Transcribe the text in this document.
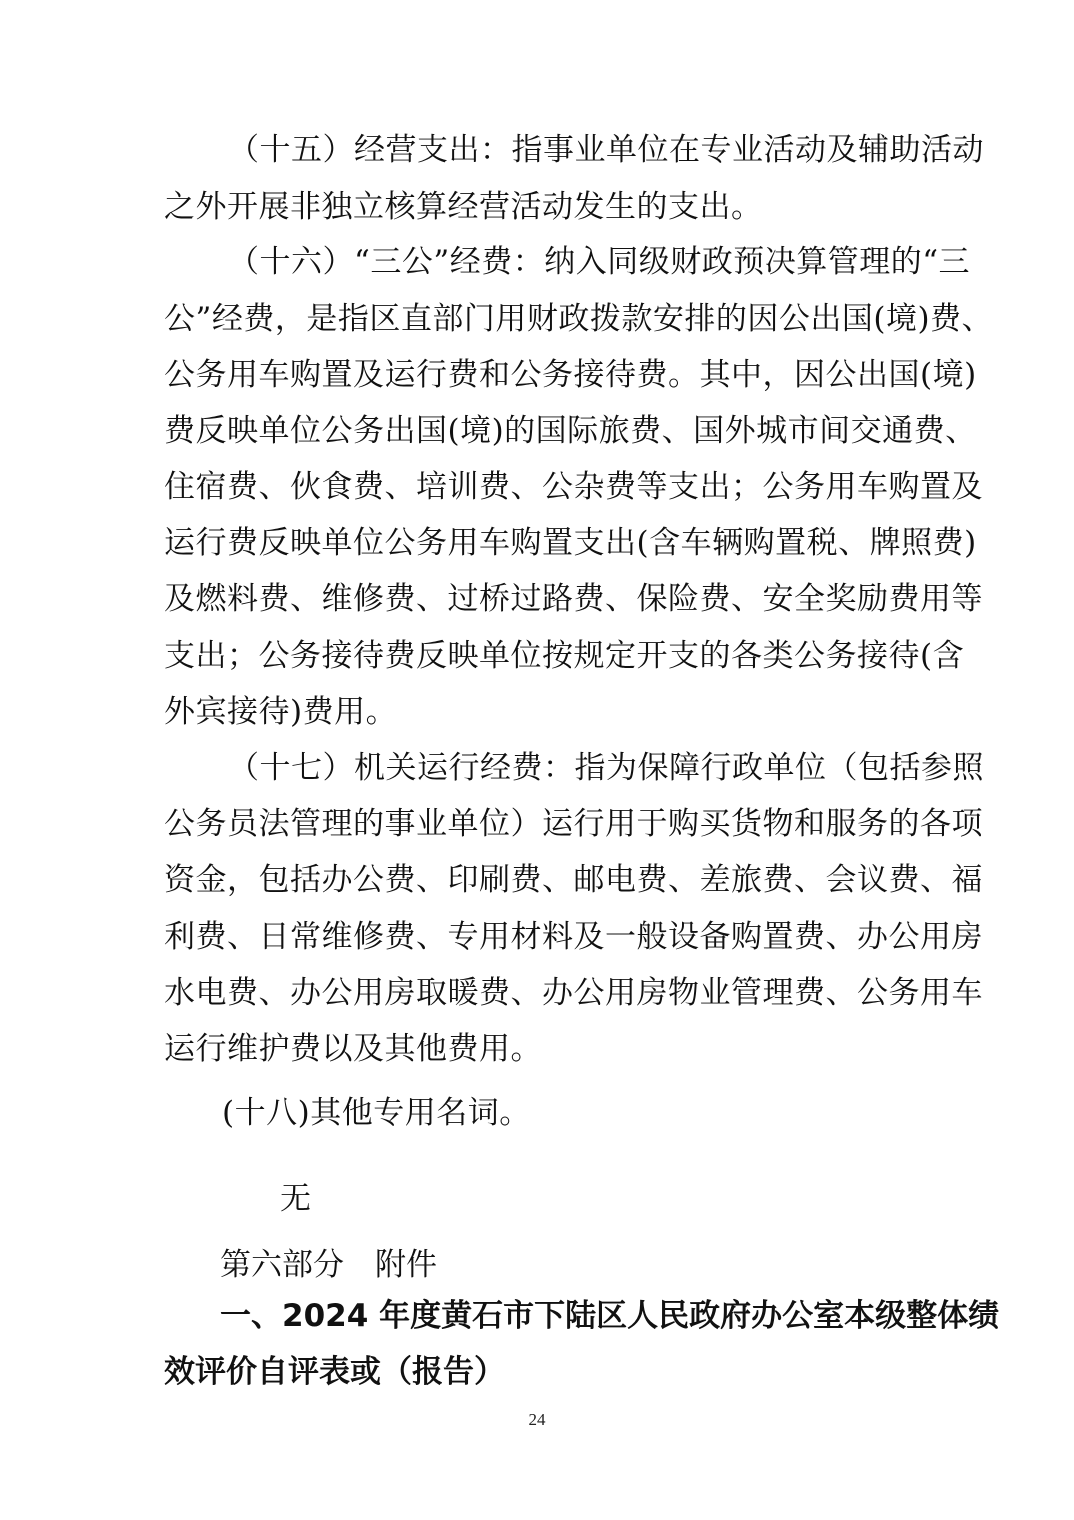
（十五）经营支出：指事业单位在专业活动及辅助活动
之外开展非独立核算经营活动发生的支出。
（十六）“三公”经费：纳入同级财政预决算管理的“三
公”经费，是指区直部门用财政拨款安排的因公出国(境)费、
公务用车购置及运行费和公务接待费。其中，因公出国(境)
费反映单位公务出国(境)的国际旅费、国外城市间交通费、
住宿费、伙食费、培训费、公杂费等支出；公务用车购置及
运行费反映单位公务用车购置支出(含车辆购置税、牌照费)
及燃料费、维修费、过桥过路费、保险费、安全奖励费用等
支出；公务接待费反映单位按规定开支的各类公务接待(含
外宾接待)费用。
（十七）机关运行经费：指为保障行政单位（包括参照
公务员法管理的事业单位）运行用于购买货物和服务的各项
资金，包括办公费、印刷费、邮电费、差旅费、会议费、福
利费、日常维修费、专用材料及一般设备购置费、办公用房
水电费、办公用房取暖费、办公用房物业管理费、公务用车
运行维护费以及其他费用。
(十八)其他专用名词。
无
第六部分　附件
一、2024 年度黄石市下陆区人民政府办公室本级整体绩
效评价自评表或（报告）
24
